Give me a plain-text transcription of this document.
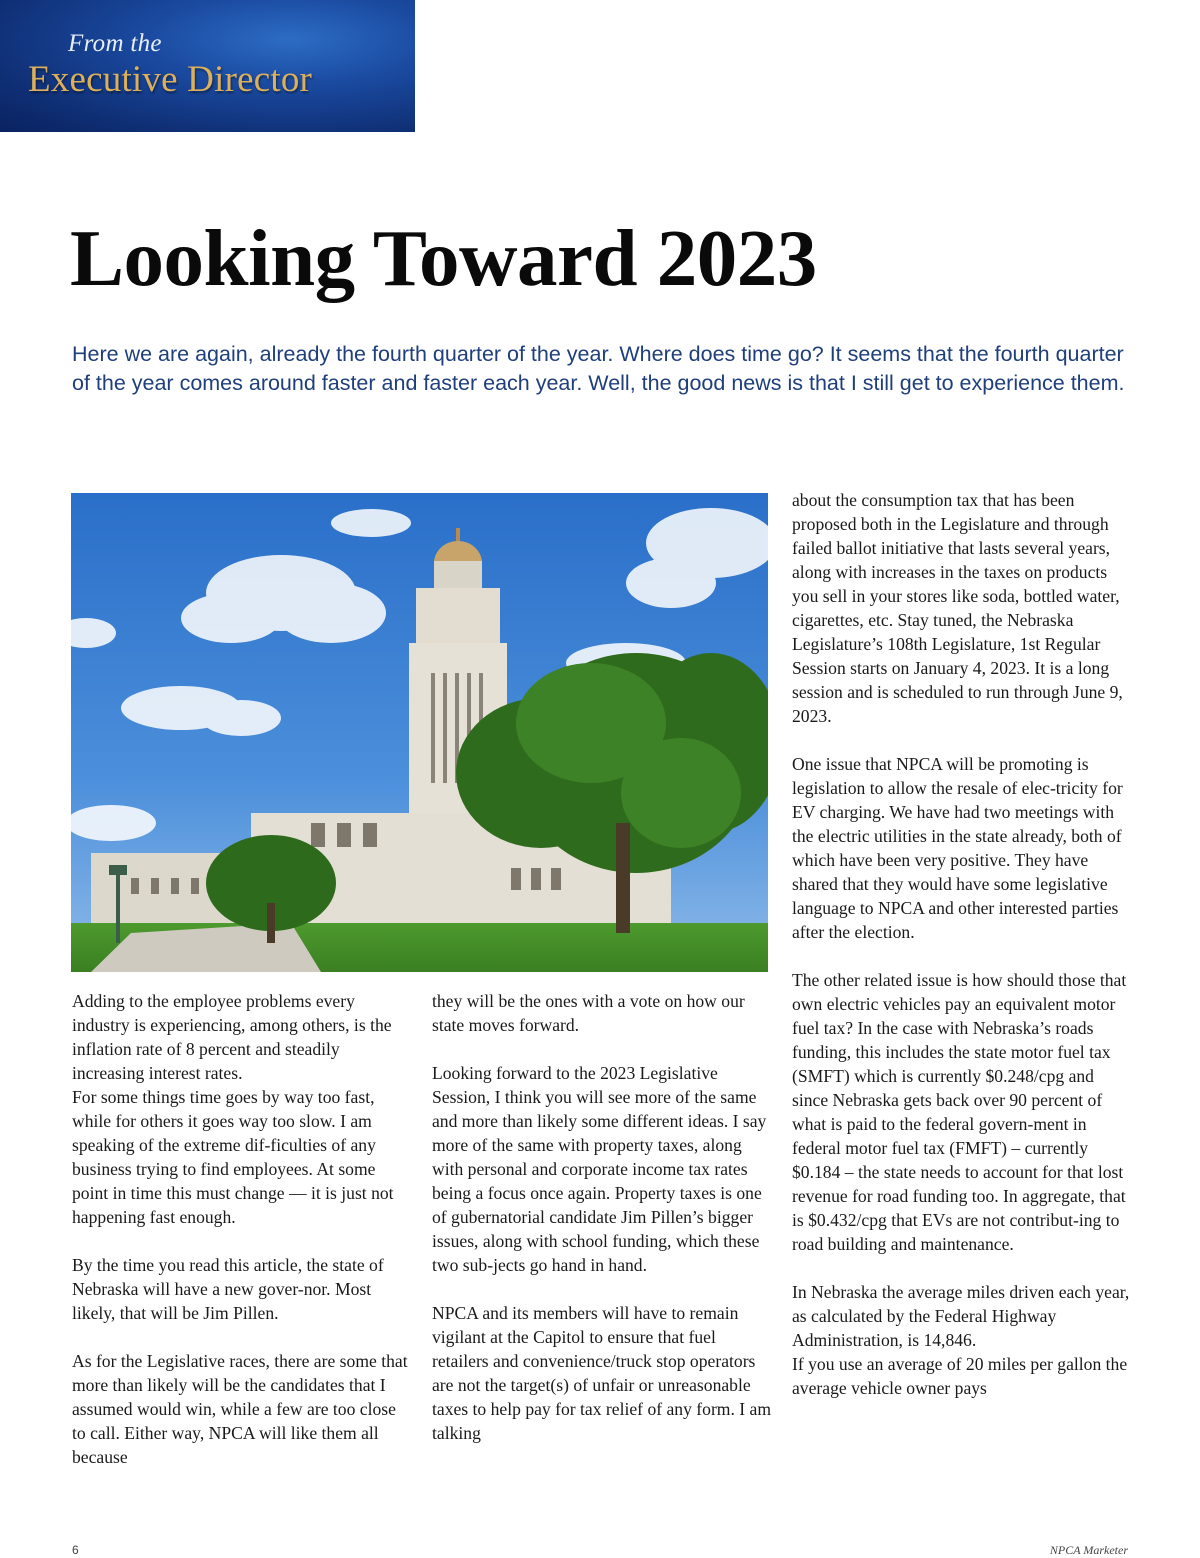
From the
Executive Director
Looking Toward 2023

Here we are again, already the fourth quarter of the year. Where does time go? It seems that the fourth quarter of the year comes around faster and faster each year. Well, the good news is that I still get to experience them.

Adding to the employee problems every industry is experiencing, among others, is the inflation rate of 8 percent and steadily increasing interest rates.

For some things time goes by way too fast, while for others it goes way too slow. I am speaking of the extreme dif-ficulties of any business trying to find employees. At some point in time this must change — it is just not happening fast enough.

By the time you read this article, the state of Nebraska will have a new gover-nor. Most likely, that will be Jim Pillen.

As for the Legislative races, there are some that more than likely will be the candidates that I assumed would win, while a few are too close to call. Either way, NPCA will like them all because

they will be the ones with a vote on how our state moves forward.

Looking forward to the 2023 Legislative Session, I think you will see more of the same and more than likely some different ideas. I say more of the same with property taxes, along with personal and corporate income tax rates being a focus once again. Property taxes is one of gubernatorial candidate Jim Pillen’s bigger issues, along with school funding, which these two sub-jects go hand in hand.

NPCA and its members will have to remain vigilant at the Capitol to ensure that fuel retailers and convenience/truck stop operators are not the target(s) of unfair or unreasonable taxes to help pay for tax relief of any form. I am talking

about the consumption tax that has been proposed both in the Legislature and through failed ballot initiative that lasts several years, along with increases in the taxes on products you sell in your stores like soda, bottled water, cigarettes, etc. Stay tuned, the Nebraska Legislature’s 108th Legislature, 1st Regular Session starts on January 4, 2023. It is a long session and is scheduled to run through June 9, 2023.

One issue that NPCA will be promoting is legislation to allow the resale of elec-tricity for EV charging. We have had two meetings with the electric utilities in the state already, both of which have been very positive. They have shared that they would have some legislative language to NPCA and other interested parties after the election.

The other related issue is how should those that own electric vehicles pay an equivalent motor fuel tax? In the case with Nebraska’s roads funding, this includes the state motor fuel tax (SMFT) which is currently $0.248/cpg and since Nebraska gets back over 90 percent of what is paid to the federal govern-ment in federal motor fuel tax (FMFT) – currently $0.184 – the state needs to account for that lost revenue for road funding too. In aggregate, that is $0.432/cpg that EVs are not contribut-ing to road building and maintenance.

In Nebraska the average miles driven each year, as calculated by the Federal Highway Administration, is 14,846.

If you use an average of 20 miles per gallon the average vehicle owner pays

6	NPCA Marketer
